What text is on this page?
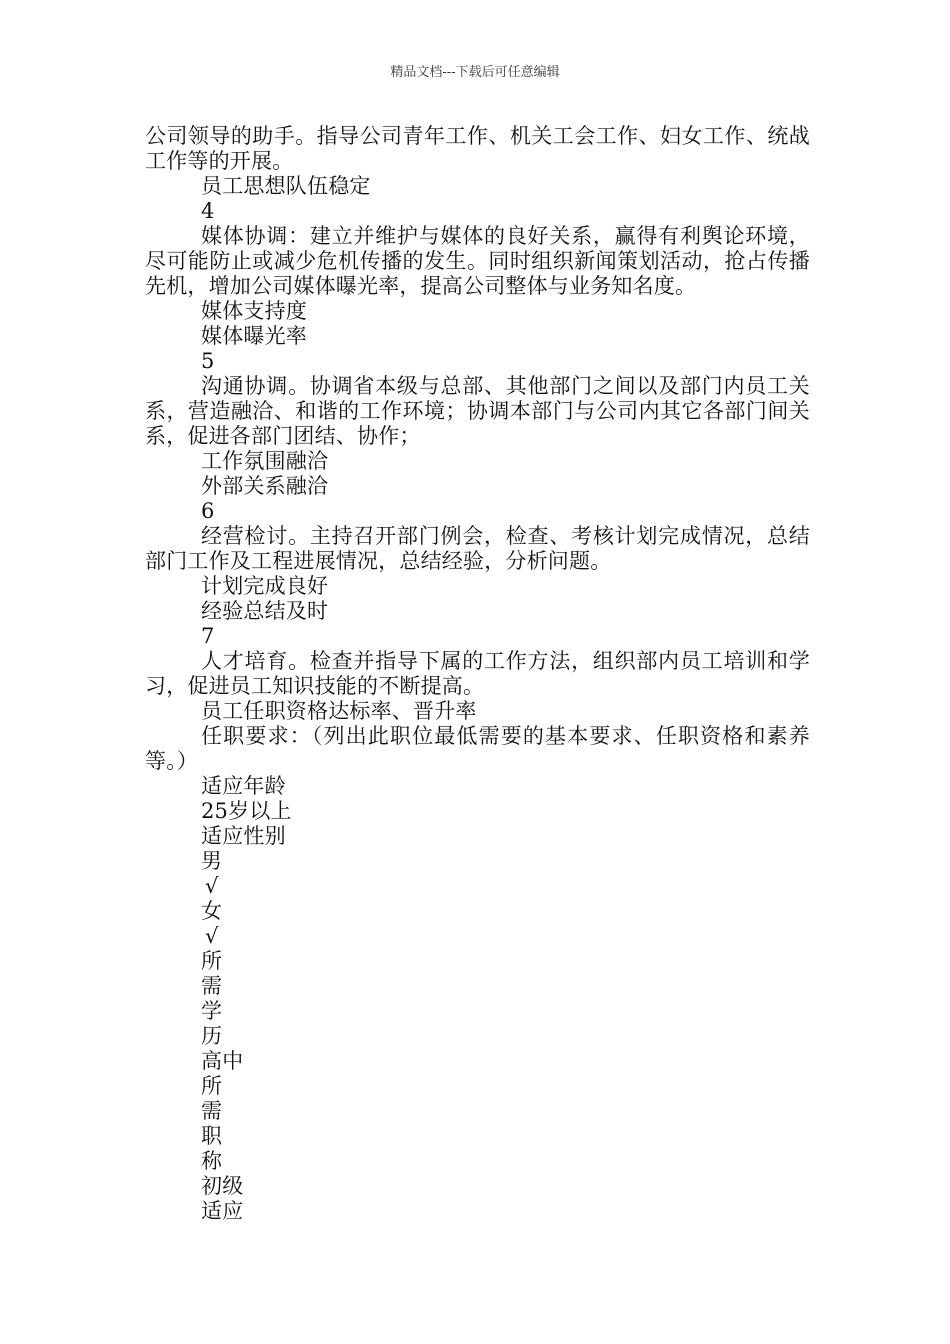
精品文档---下载后可任意编辑

公司领导的助手。指导公司青年工作、机关工会工作、妇女工作、统战工作等的开展。

员工思想队伍稳定
4

媒体协调：建立并维护与媒体的良好关系，赢得有利舆论环境，尽可能防止或减少危机传播的发生。同时组织新闻策划活动，抢占传播先机，增加公司媒体曝光率，提高公司整体与业务知名度。

媒体支持度
媒体曝光率
5

沟通协调。协调省本级与总部、其他部门之间以及部门内员工关系，营造融洽、和谐的工作环境；协调本部门与公司内其它各部门间关系，促进各部门团结、协作；

工作氛围融洽
外部关系融洽
6

经营检讨。主持召开部门例会，检查、考核计划完成情况，总结部门工作及工程进展情况，总结经验，分析问题。

计划完成良好
经验总结及时
7

人才培育。检查并指导下属的工作方法，组织部内员工培训和学习，促进员工知识技能的不断提高。

员工任职资格达标率、晋升率

任职要求：（列出此职位最低需要的基本要求、任职资格和素养等。）

适应年龄
25岁以上
适应性别
男
√
女
√
所
需
学
历
高中
所
需
职
称
初级
适应
